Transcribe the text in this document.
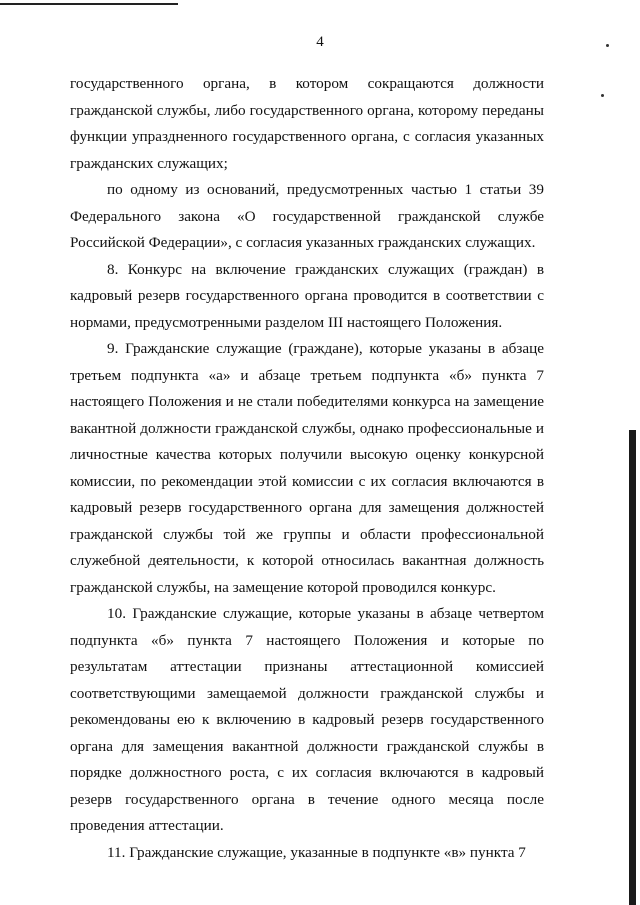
4

государственного органа, в котором сокращаются должности гражданской службы, либо государственного органа, которому переданы функции упраздненного государственного органа, с согласия указанных гражданских служащих;

по одному из оснований, предусмотренных частью 1 статьи 39 Федерального закона «О государственной гражданской службе Российской Федерации», с согласия указанных гражданских служащих.

8. Конкурс на включение гражданских служащих (граждан) в кадровый резерв государственного органа проводится в соответствии с нормами, предусмотренными разделом III настоящего Положения.

9. Гражданские служащие (граждане), которые указаны в абзаце третьем подпункта «а» и абзаце третьем подпункта «б» пункта 7 настоящего Положения и не стали победителями конкурса на замещение вакантной должности гражданской службы, однако профессиональные и личностные качества которых получили высокую оценку конкурсной комиссии, по рекомендации этой комиссии с их согласия включаются в кадровый резерв государственного органа для замещения должностей гражданской службы той же группы и области профессиональной служебной деятельности, к которой относилась вакантная должность гражданской службы, на замещение которой проводился конкурс.

10. Гражданские служащие, которые указаны в абзаце четвертом подпункта «б» пункта 7 настоящего Положения и которые по результатам аттестации признаны аттестационной комиссией соответствующими замещаемой должности гражданской службы и рекомендованы ею к включению в кадровый резерв государственного органа для замещения вакантной должности гражданской службы в порядке должностного роста, с их согласия включаются в кадровый резерв государственного органа в течение одного месяца после проведения аттестации.

11. Гражданские служащие, указанные в подпункте «в» пункта 7
